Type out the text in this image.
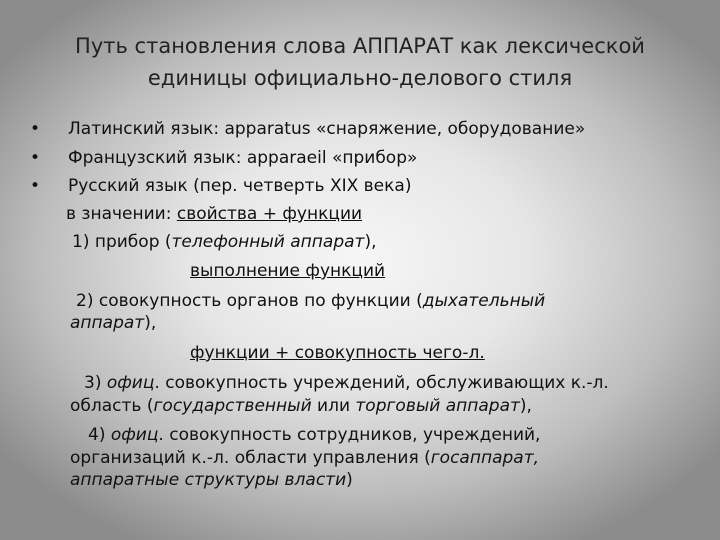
Путь становления слова АППАРАТ как лексической
единицы официально-делового стиля
• Латинский язык: apparatus «снаряжение, оборудование»
• Французский язык: apparaeil «прибор»
• Русский язык (пер. четверть XIX века)
в значении: свойства + функции
1) прибор (телефонный аппарат),
выполнение функций
2) совокупность органов по функции (дыхательный
аппарат),
функции + совокупность чего-л.
3) офиц. совокупность учреждений, обслуживающих к.-л.
область (государственный или торговый аппарат),
4) офиц. совокупность сотрудников, учреждений,
организаций к.-л. области управления (госаппарат,
аппаратные структуры власти)
